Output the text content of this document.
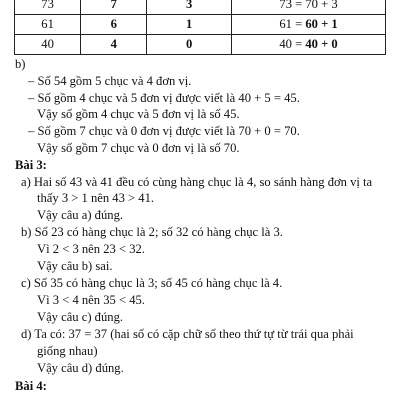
73	7	3	73 = 70 + 3
61	6	1	61 = 60 + 1
40	4	0	40 = 40 + 0
b)
– Số 54 gồm 5 chục và 4 đơn vị.
– Số gồm 4 chục và 5 đơn vị được viết là 40 + 5 = 45.
Vậy số gồm 4 chục và 5 đơn vị là số 45.
– Số gồm 7 chục và 0 đơn vị được viết là 70 + 0 = 70.
Vậy số gồm 7 chục và 0 đơn vị là số 70.
Bài 3:
a) Hai số 43 và 41 đều có cùng hàng chục là 4, so sánh hàng đơn vị ta
thấy 3 > 1 nên 43 > 41.
Vậy câu a) đúng.
b) Số 23 có hàng chục là 2; số 32 có hàng chục là 3.
Vì 2 < 3 nên 23 < 32.
Vậy câu b) sai.
c) Số 35 có hàng chục là 3; số 45 có hàng chục là 4.
Vì 3 < 4 nên 35 < 45.
Vậy câu c) đúng.
d) Ta có: 37 = 37 (hai số có cặp chữ số theo thứ tự từ trái qua phải
giống nhau)
Vậy câu d) đúng.
Bài 4:
